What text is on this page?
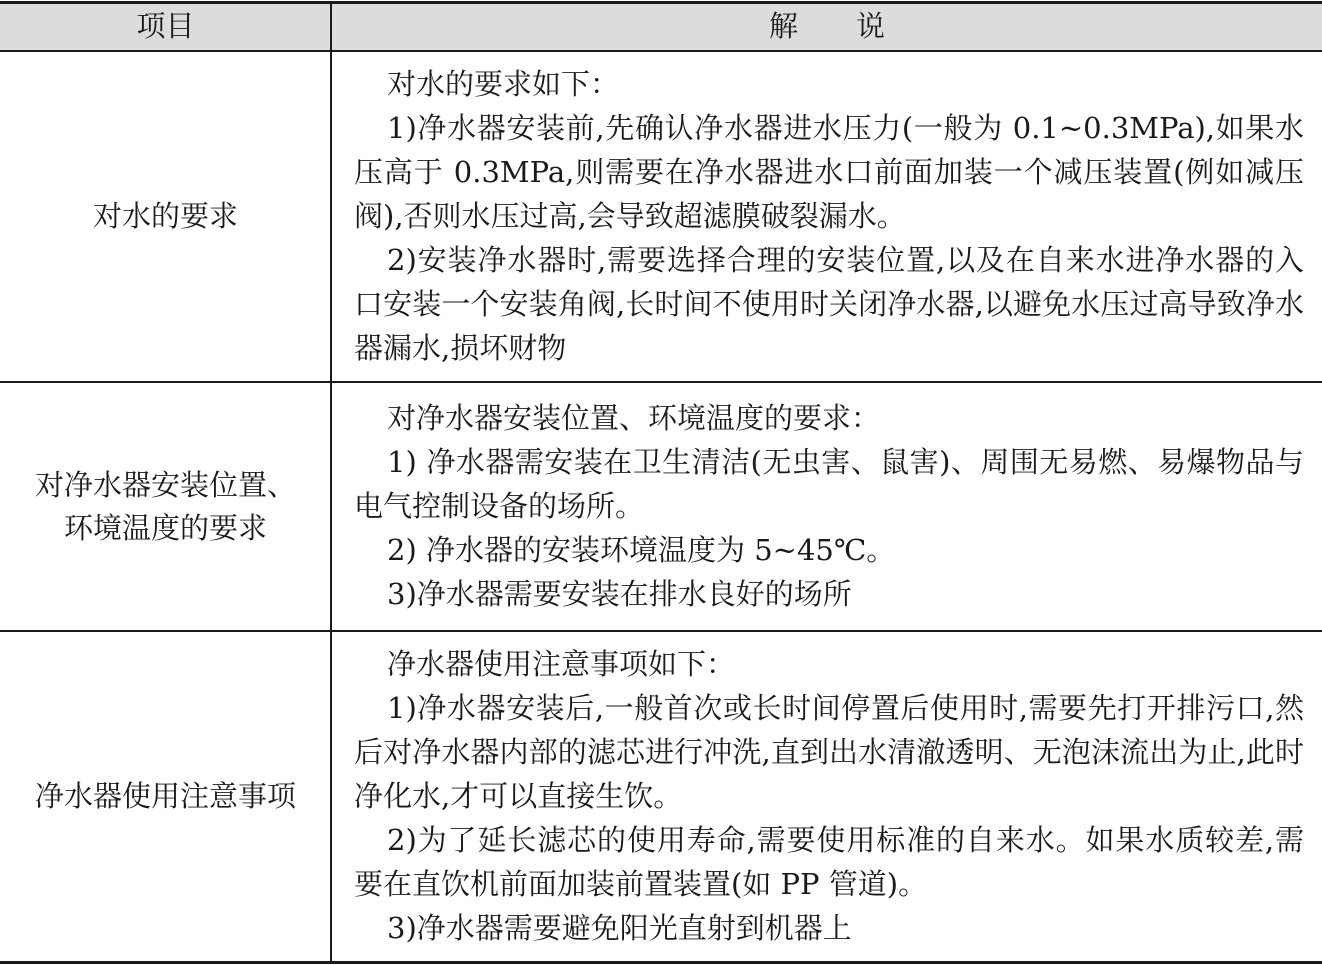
项目	解　　说
对水的要求

对水的要求如下：

1)净水器安装前,先确认净水器进水压力(一般为 0.1~0.3MPa),如果水压高于 0.3MPa,则需要在净水器进水口前面加装一个减压装置(例如减压阀),否则水压过高,会导致超滤膜破裂漏水。

2)安装净水器时,需要选择合理的安装位置,以及在自来水进净水器的入口安装一个安装角阀,长时间不使用时关闭净水器,以避免水压过高导致净水器漏水,损坏财物

对净水器安装位置、
环境温度的要求

对净水器安装位置、环境温度的要求：

1) 净水器需安装在卫生清洁(无虫害、鼠害)、周围无易燃、易爆物品与电气控制设备的场所。

2) 净水器的安装环境温度为 5~45℃。

3)净水器需要安装在排水良好的场所

净水器使用注意事项

净水器使用注意事项如下：

1)净水器安装后,一般首次或长时间停置后使用时,需要先打开排污口,然后对净水器内部的滤芯进行冲洗,直到出水清澈透明、无泡沫流出为止,此时净化水,才可以直接生饮。

2)为了延长滤芯的使用寿命,需要使用标准的自来水。如果水质较差,需要在直饮机前面加装前置装置(如 PP 管道)。

3)净水器需要避免阳光直射到机器上
